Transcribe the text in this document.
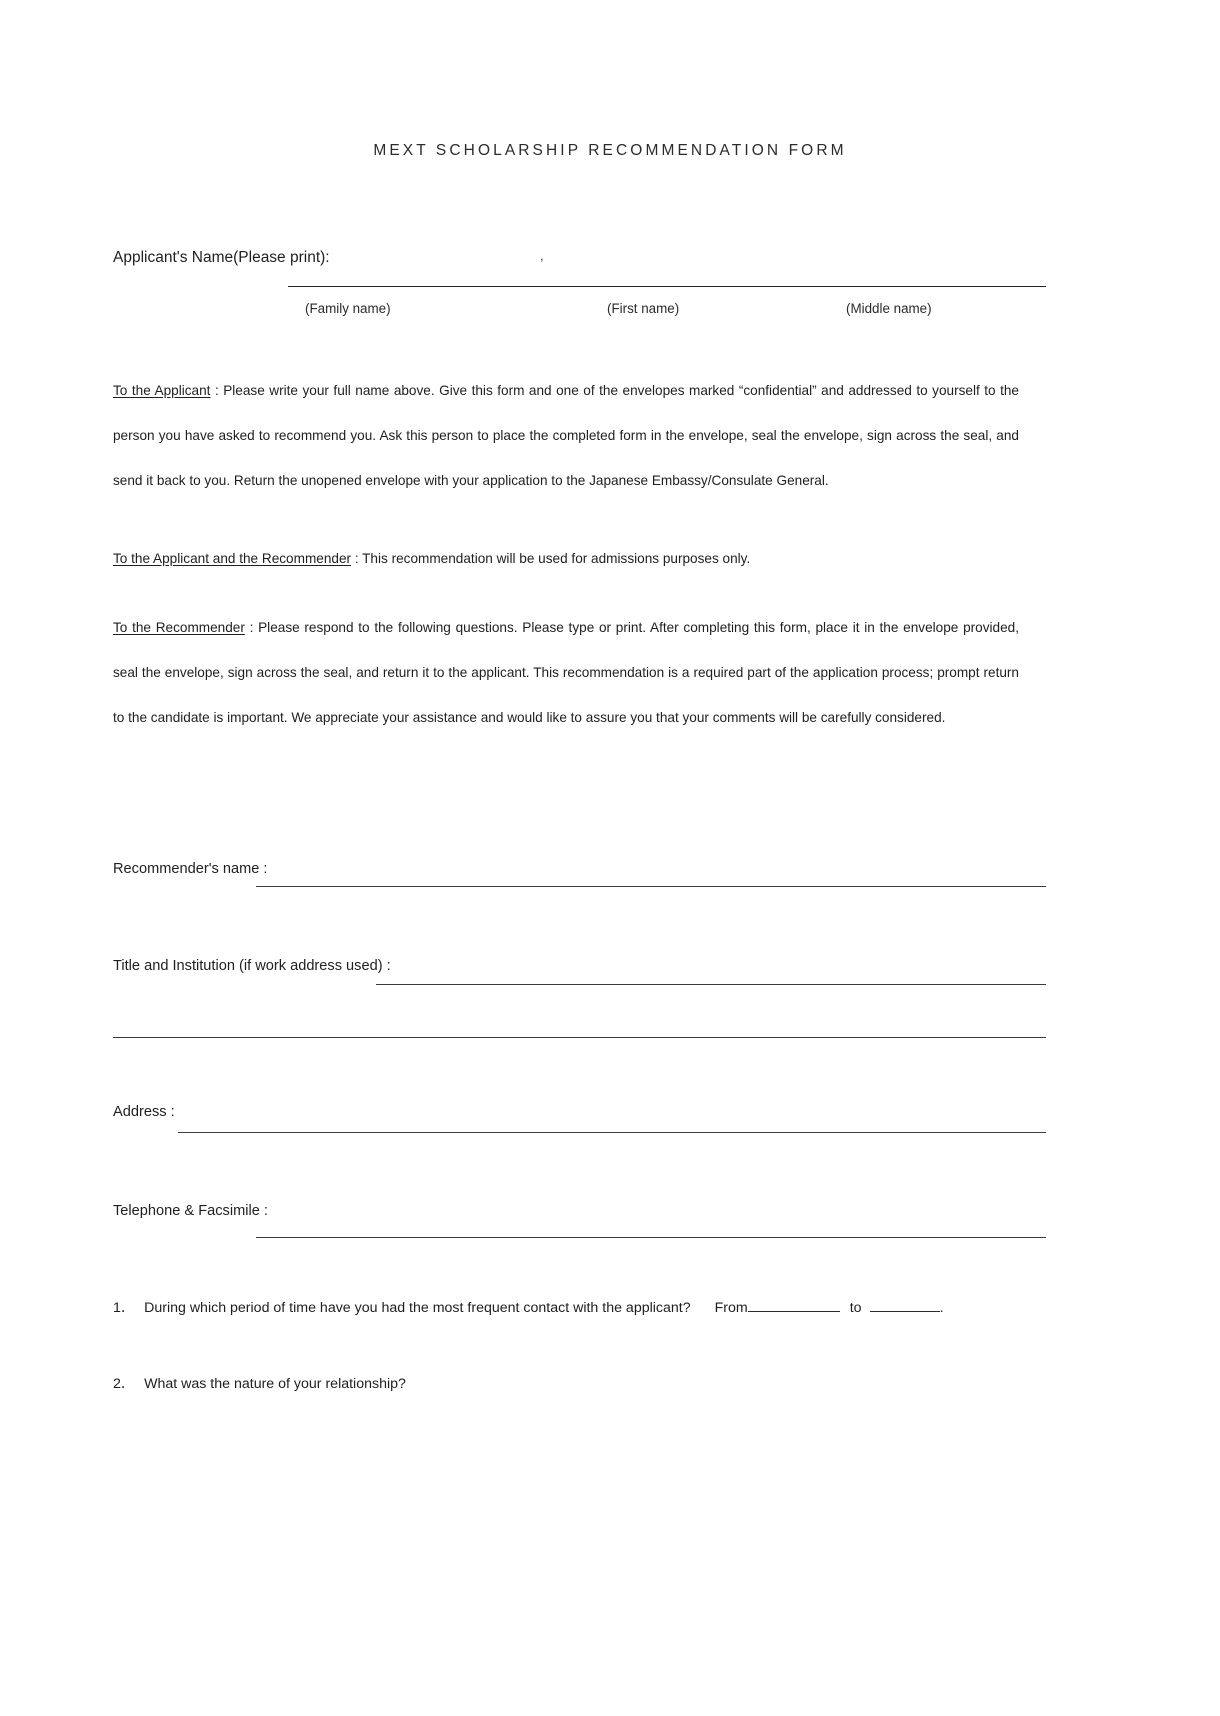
MEXT SCHOLARSHIP RECOMMENDATION FORM
Applicant's Name(Please print):	,
(Family name)	(First name)	(Middle name)
To the Applicant : Please write your full name above. Give this form and one of the envelopes marked “confidential” and addressed to yourself to the person you have asked to recommend you. Ask this person to place the completed form in the envelope, seal the envelope, sign across the seal, and send it back to you. Return the unopened envelope with your application to the Japanese Embassy/Consulate General.
To the Applicant and the Recommender : This recommendation will be used for admissions purposes only.
To the Recommender : Please respond to the following questions. Please type or print. After completing this form, place it in the envelope provided, seal the envelope, sign across the seal, and return it to the applicant. This recommendation is a required part of the application process; prompt return to the candidate is important. We appreciate your assistance and would like to assure you that your comments will be carefully considered.
Recommender's name :
Title and Institution (if work address used) :
Address :
Telephone & Facsimile :
1． During which period of time have you had the most frequent contact with the applicant? From	to	.
2． What was the nature of your relationship?
